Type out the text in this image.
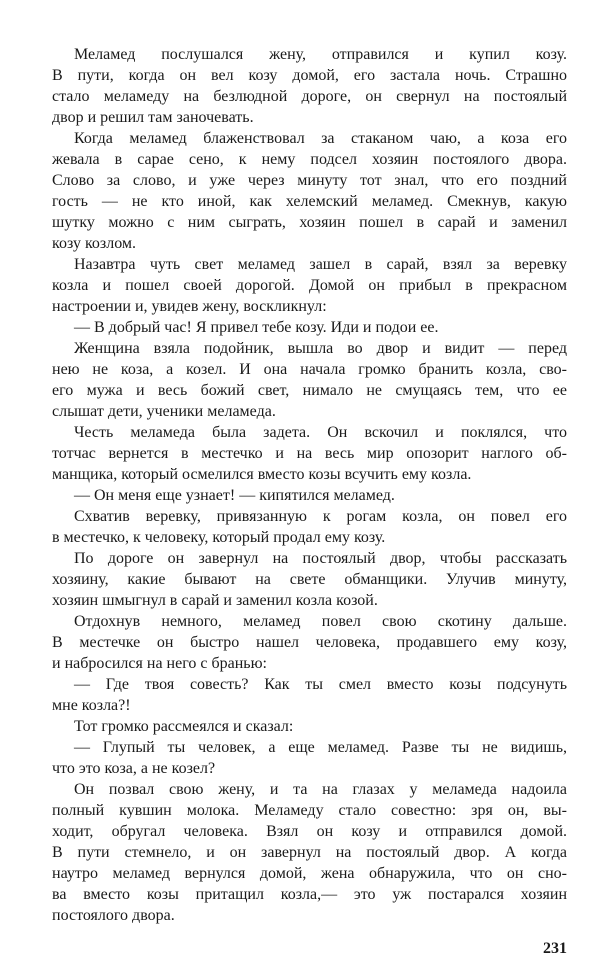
Меламед послушался жену, отправился и купил козу.
В пути, когда он вел козу домой, его застала ночь. Страшно
стало меламеду на безлюдной дороге, он свернул на постоялый
двор и решил там заночевать.
Когда меламед блаженствовал за стаканом чаю, а коза его
жевала в сарае сено, к нему подсел хозяин постоялого двора.
Слово за слово, и уже через минуту тот знал, что его поздний
гость — не кто иной, как хелемский меламед. Смекнув, какую
шутку можно с ним сыграть, хозяин пошел в сарай и заменил
козу козлом.
Назавтра чуть свет меламед зашел в сарай, взял за веревку
козла и пошел своей дорогой. Домой он прибыл в прекрасном
настроении и, увидев жену, воскликнул:
— В добрый час! Я привел тебе козу. Иди и подои ее.
Женщина взяла подойник, вышла во двор и видит — перед
нею не коза, а козел. И она начала громко бранить козла, сво-
его мужа и весь божий свет, нимало не смущаясь тем, что ее
слышат дети, ученики меламеда.
Честь меламеда была задета. Он вскочил и поклялся, что
тотчас вернется в местечко и на весь мир опозорит наглого об-
манщика, который осмелился вместо козы всучить ему козла.
— Он меня еще узнает! — кипятился меламед.
Схватив веревку, привязанную к рогам козла, он повел его
в местечко, к человеку, который продал ему козу.
По дороге он завернул на постоялый двор, чтобы рассказать
хозяину, какие бывают на свете обманщики. Улучив минуту,
хозяин шмыгнул в сарай и заменил козла козой.
Отдохнув немного, меламед повел свою скотину дальше.
В местечке он быстро нашел человека, продавшего ему козу,
и набросился на него с бранью:
— Где твоя совесть? Как ты смел вместо козы подсунуть
мне козла?!
Тот громко рассмеялся и сказал:
— Глупый ты человек, а еще меламед. Разве ты не видишь,
что это коза, а не козел?
Он позвал свою жену, и та на глазах у меламеда надоила
полный кувшин молока. Меламеду стало совестно: зря он, вы-
ходит, обругал человека. Взял он козу и отправился домой.
В пути стемнело, и он завернул на постоялый двор. А когда
наутро меламед вернулся домой, жена обнаружила, что он сно-
ва вместо козы притащил козла,— это уж постарался хозяин
постоялого двора.
231
